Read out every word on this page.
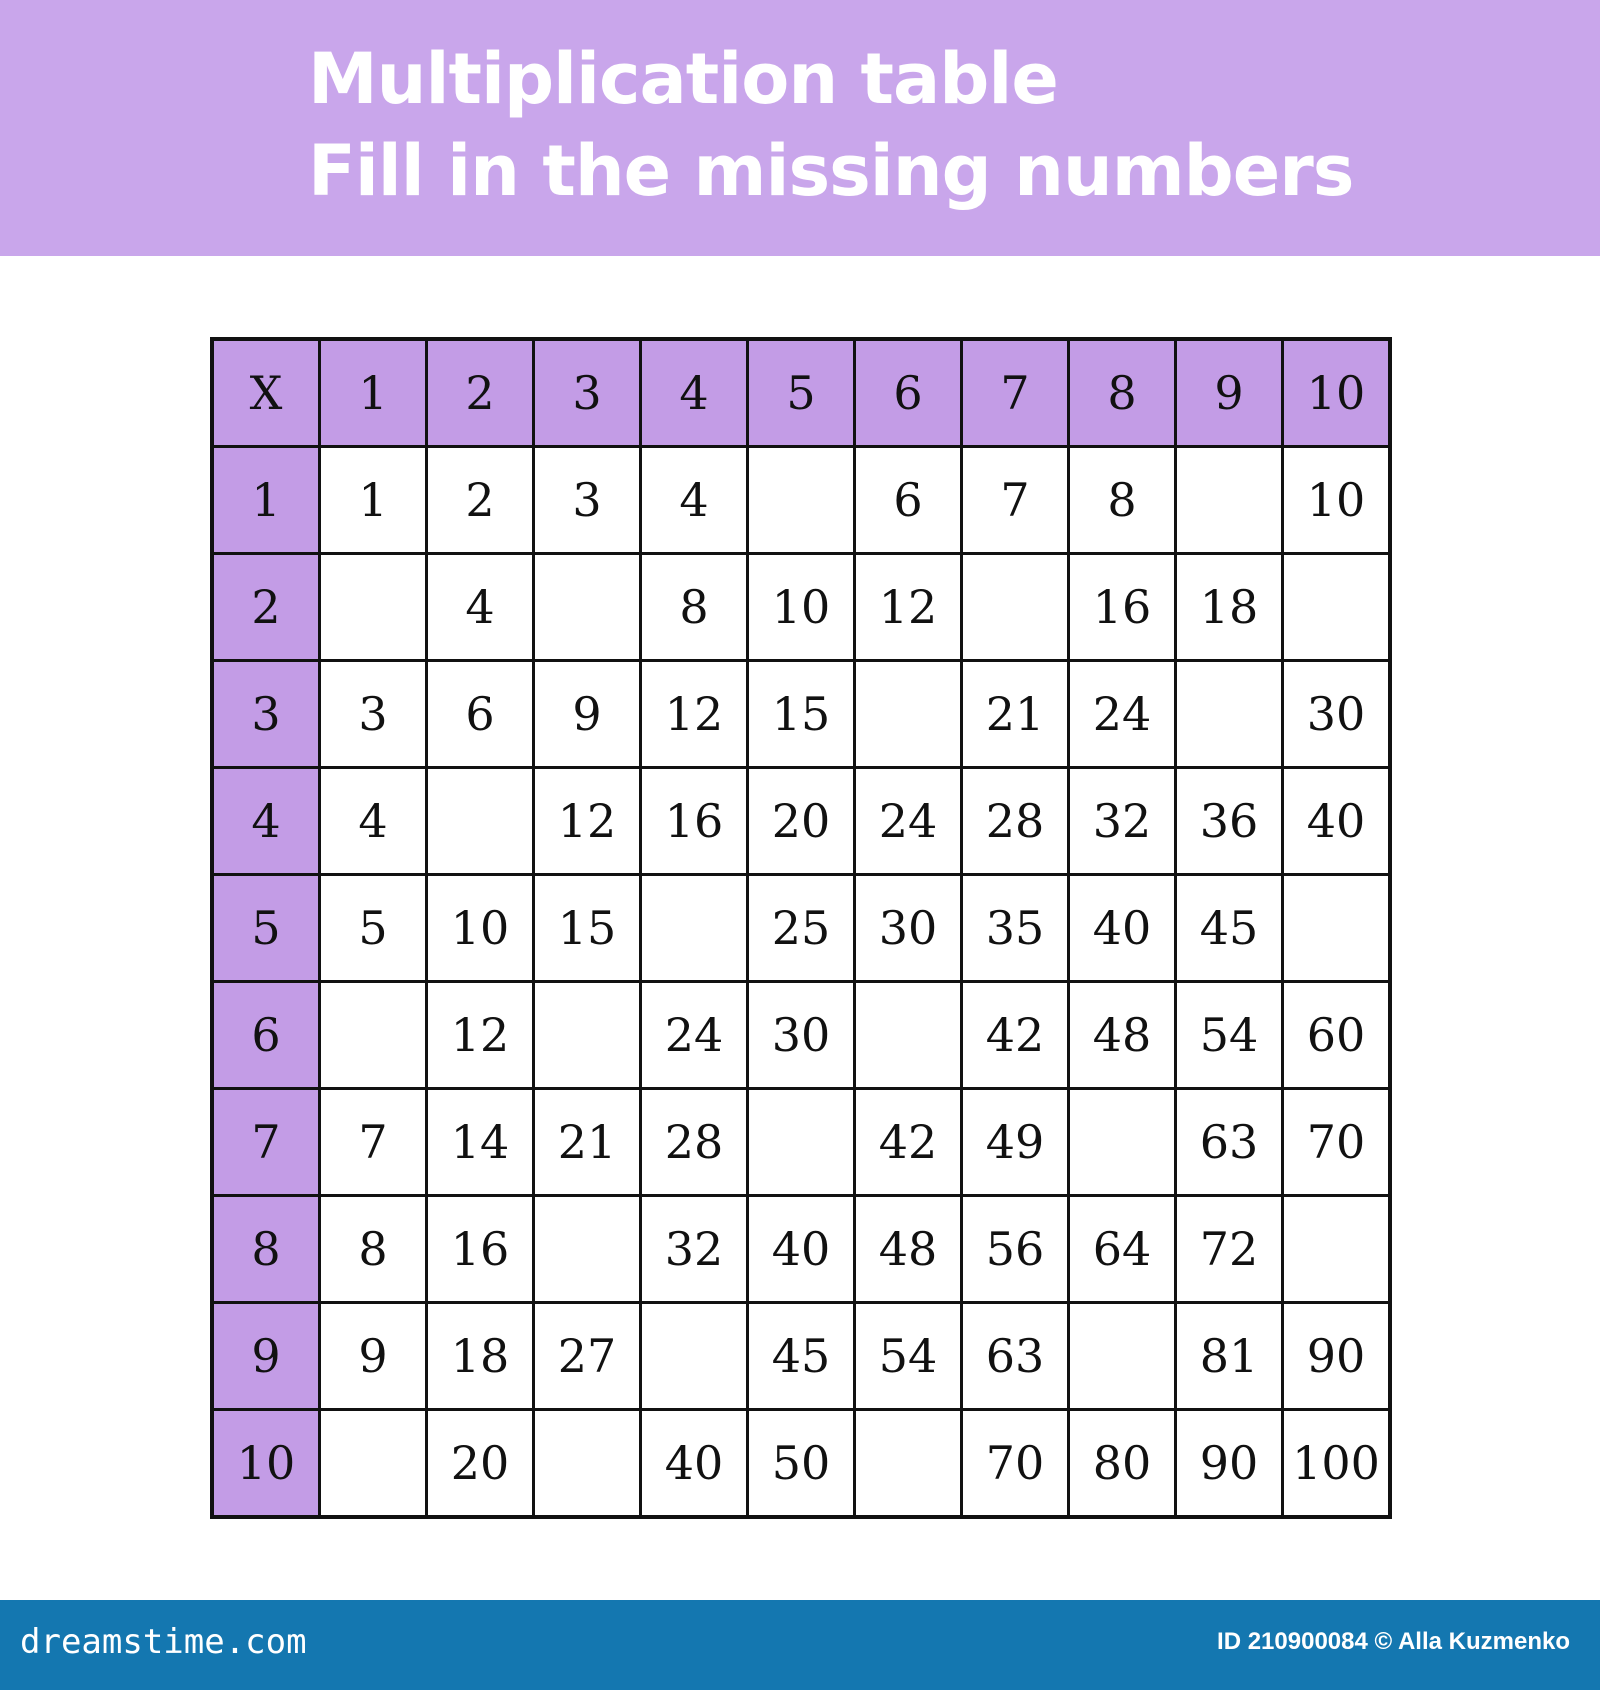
Multiplication table
Fill in the missing numbers
X	1	2	3	4	5	6	7	8	9	10
1	1	2	3	4		6	7	8		10
2		4		8	10	12		16	18	
3	3	6	9	12	15		21	24		30
4	4		12	16	20	24	28	32	36	40
5	5	10	15		25	30	35	40	45	
6		12		24	30		42	48	54	60
7	7	14	21	28		42	49		63	70
8	8	16		32	40	48	56	64	72	
9	9	18	27		45	54	63		81	90
10		20		40	50		70	80	90	100
dreamstime.com	ID 210900084 © Alla Kuzmenko
